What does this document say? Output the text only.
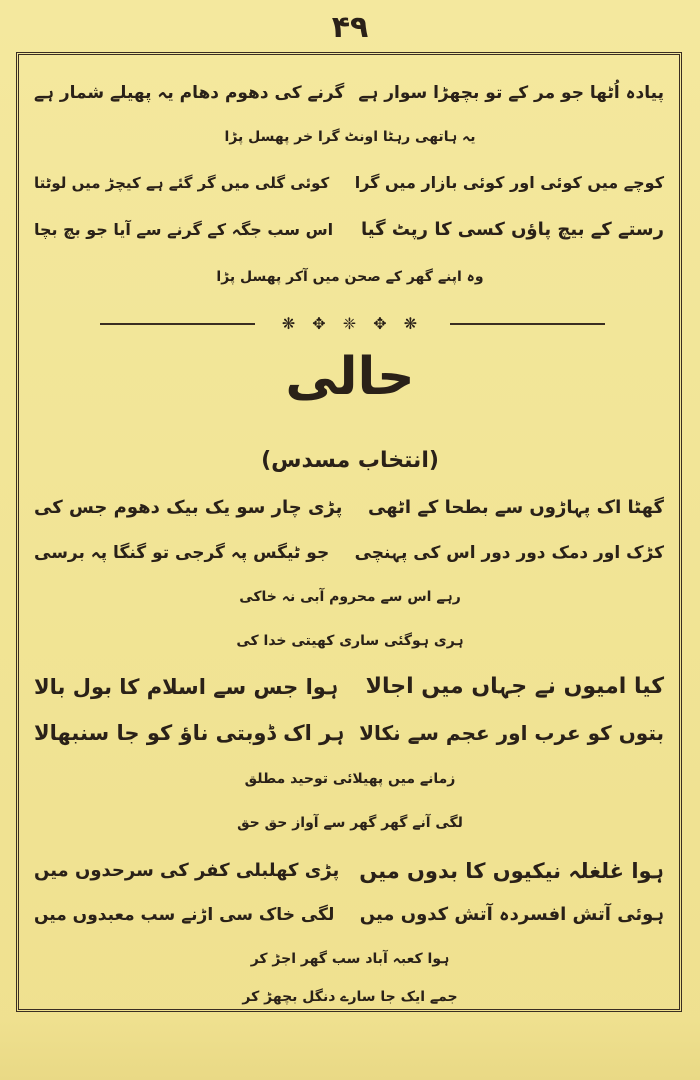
۴۹
پیادہ اُٹھا جو مر کے تو بچھڑا سوار ہے
گرنے کی دھوم دھام یہ پھیلے شمار ہے
یہ ہاتھی رہٹا اونٹ گرا خر پھسل پڑا
کوچے میں کوئی اور کوئی بازار میں گرا
کوئی گلی میں گر گئے ہے کیچڑ میں لوٹتا
رستے کے بیچ پاؤں کسی کا رپٹ گیا
اس سب جگہ کے گرنے سے آیا جو بچ بچا
وہ اپنے گھر کے صحن میں آکر پھسل پڑا
❋ ✥ ❈ ✥ ❋
حالی
(انتخاب مسدس)
گھٹا اک پہاڑوں سے بطحا کے اٹھی
پڑی چار سو یک بیک دھوم جس کی
کڑک اور دمک دور دور اس کی پہنچی
جو ٹیگس پہ گرجی تو گنگا پہ برسی
رہے اس سے محروم آبی نہ خاکی
ہری ہوگئی ساری کھیتی خدا کی
کیا امیوں نے جہاں میں اجالا
ہوا جس سے اسلام کا بول بالا
بتوں کو عرب اور عجم سے نکالا
ہر اک ڈوبتی ناؤ کو جا سنبھالا
زمانے میں پھیلائی توحید مطلق
لگی آنے گھر گھر سے آواز حق حق
ہوا غلغلہ نیکیوں کا بدوں میں
پڑی کھلبلی کفر کی سرحدوں میں
ہوئی آتش افسردہ آتش کدوں میں
لگی خاک سی اڑنے سب معبدوں میں
ہوا کعبہ آباد سب گھر اجڑ کر
جمے ایک جا سارے دنگل بچھڑ کر
